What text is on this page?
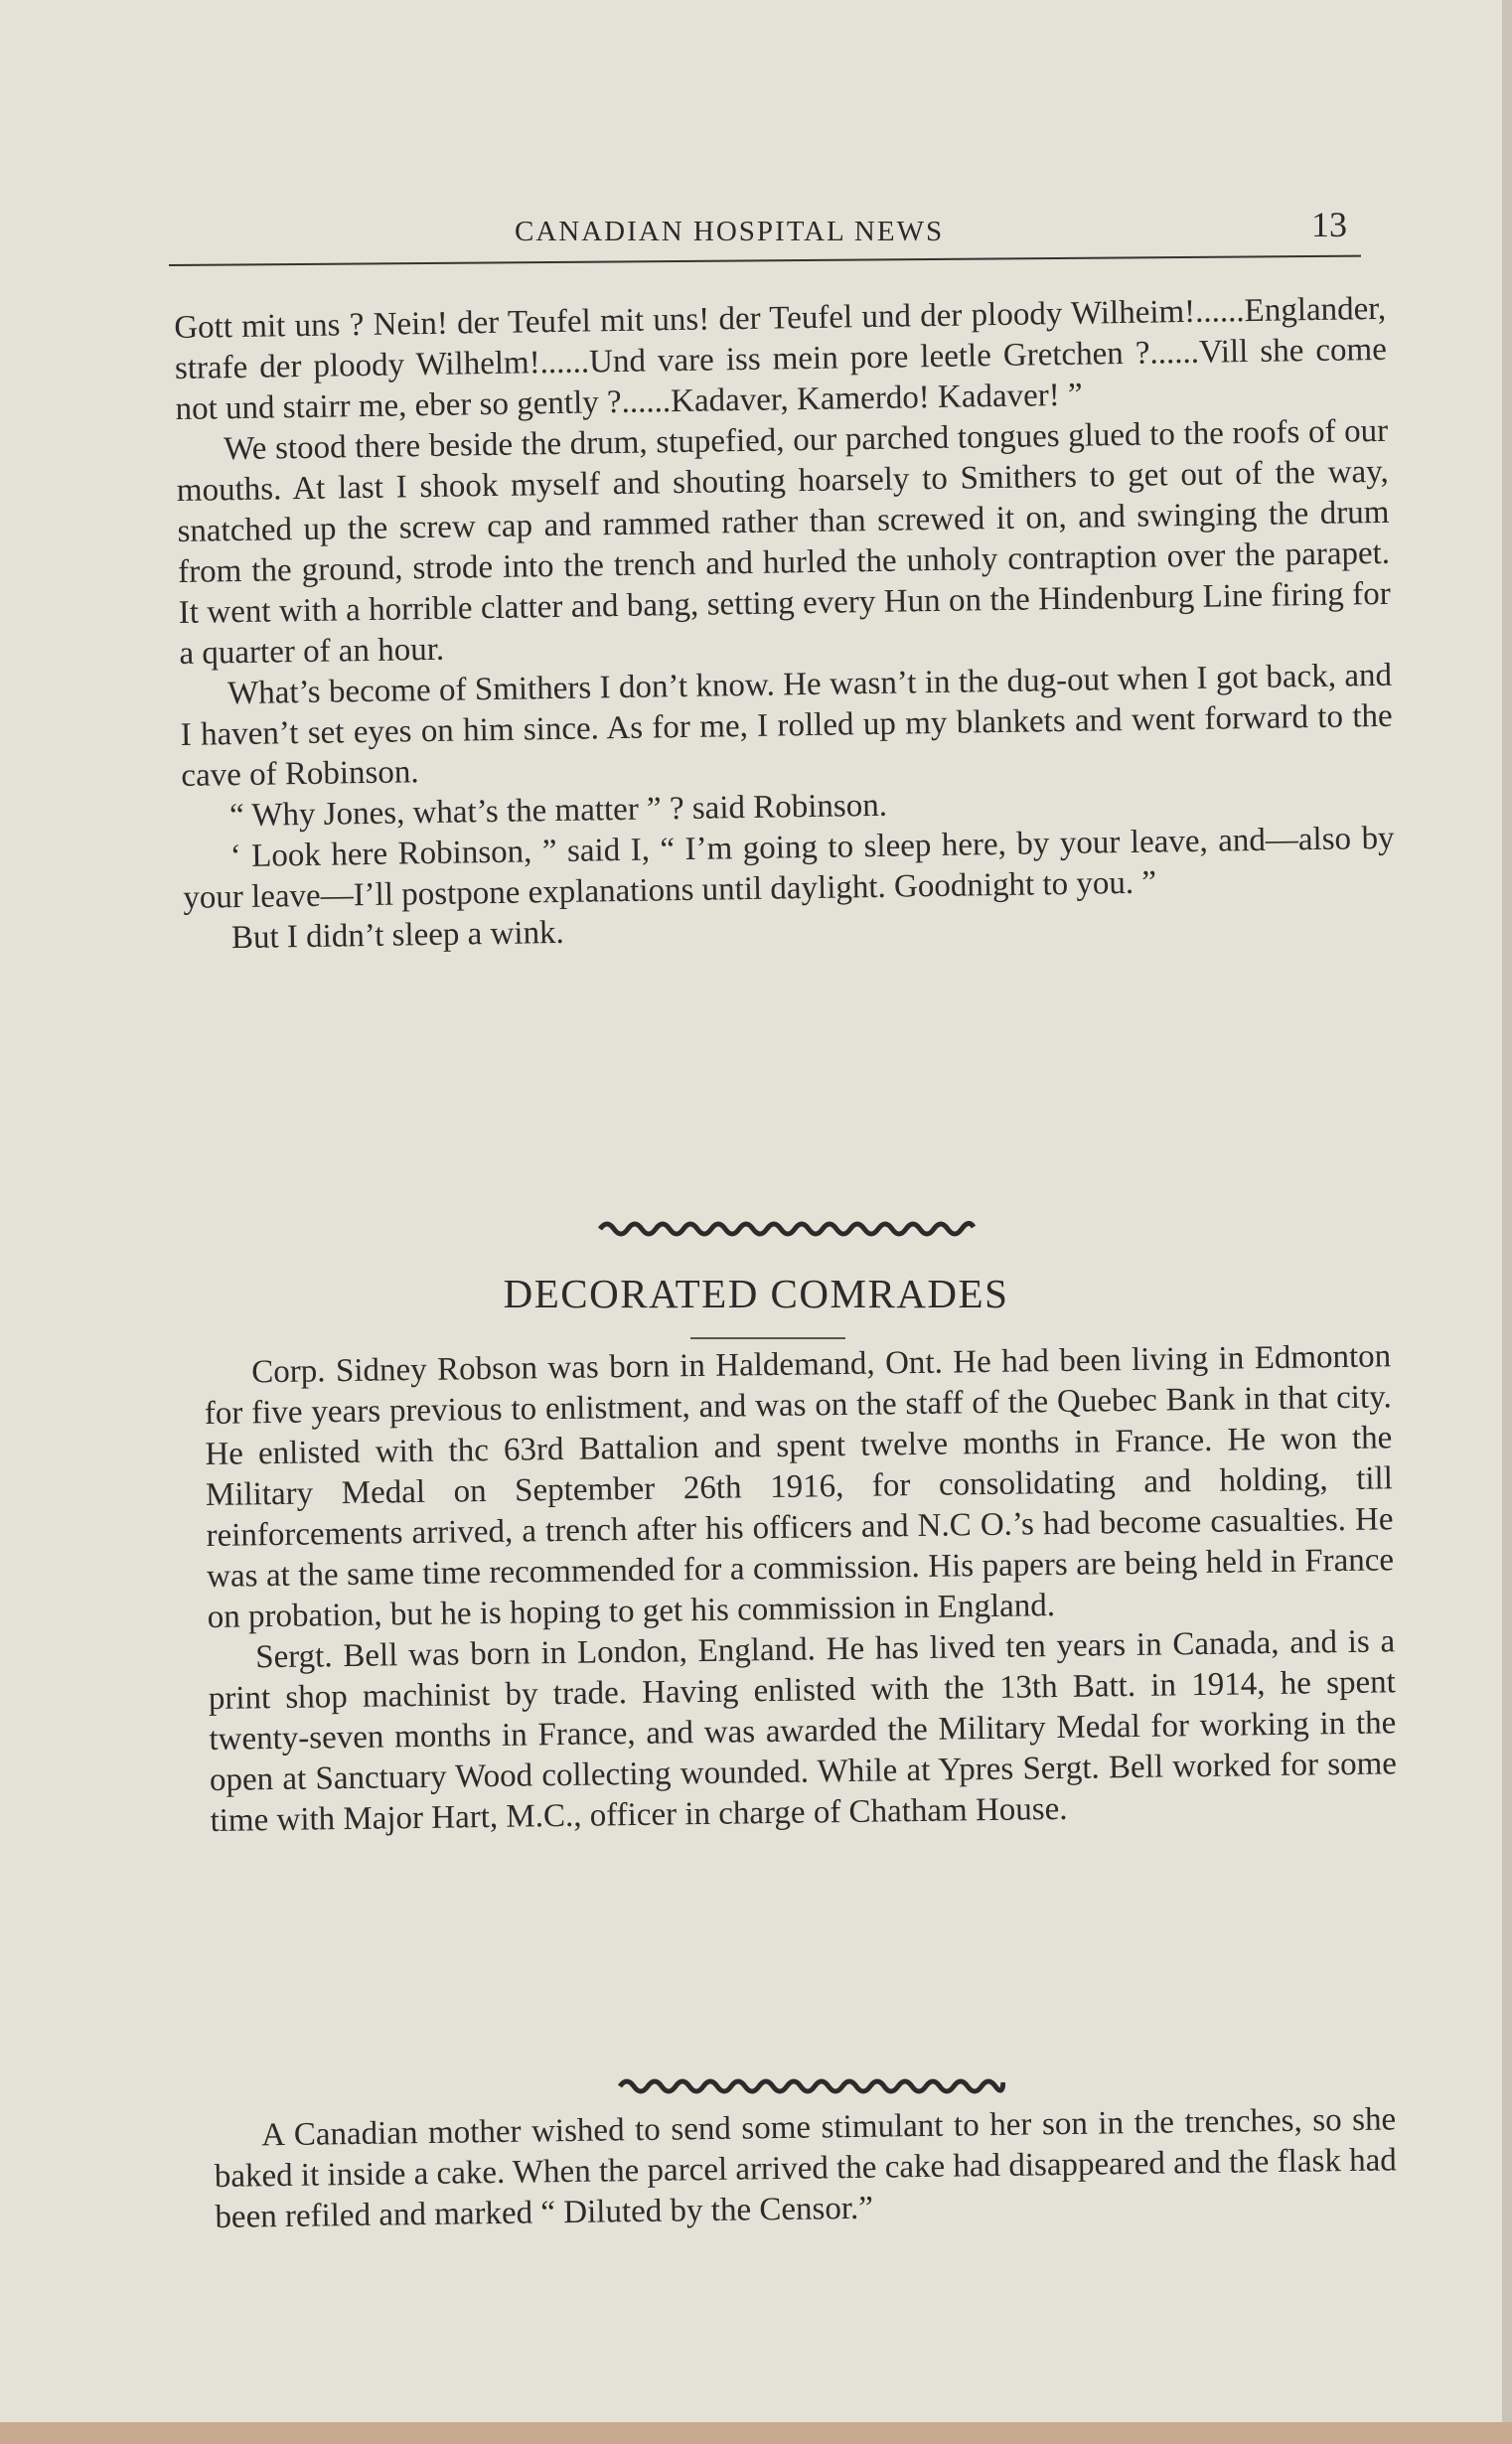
CANADIAN HOSPITAL NEWS	13

Gott mit uns ? Nein! der Teufel mit uns! der Teufel und der ploody Wilheim!......Englander, strafe der ploody Wilhelm!......Und vare iss mein pore leetle Gretchen ?......Vill she come not und stairr me, eber so gently ?......Kadaver, Kamerdo! Kadaver! ”

We stood there beside the drum, stupefied, our parched tongues glued to the roofs of our mouths. At last I shook myself and shouting hoarsely to Smithers to get out of the way, snatched up the screw cap and rammed rather than screwed it on, and swinging the drum from the ground, strode into the trench and hurled the unholy contraption over the parapet. It went with a horrible clatter and bang, setting every Hun on the Hindenburg Line firing for a quarter of an hour.

What’s become of Smithers I don’t know. He wasn’t in the dug-out when I got back, and I haven’t set eyes on him since. As for me, I rolled up my blankets and went forward to the cave of Robinson.

“ Why Jones, what’s the matter ” ? said Robinson.

‘ Look here Robinson, ” said I, “ I’m going to sleep here, by your leave, and—also by your leave—I’ll postpone explanations until daylight. Goodnight to you. ”

But I didn’t sleep a wink.

DECORATED COMRADES

Corp. Sidney Robson was born in Haldemand, Ont. He had been living in Edmonton for five years previous to enlistment, and was on the staff of the Quebec Bank in that city. He enlisted with thc 63rd Battalion and spent twelve months in France. He won the Military Medal on September 26th 1916, for consolidating and holding, till reinforcements arrived, a trench after his officers and N.C O.’s had become casualties. He was at the same time recommended for a commission. His papers are being held in France on probation, but he is hoping to get his commission in England.

Sergt. Bell was born in London, England. He has lived ten years in Canada, and is a print shop machinist by trade. Having enlisted with the 13th Batt. in 1914, he spent twenty-seven months in France, and was awarded the Military Medal for working in the open at Sanctuary Wood collecting wounded. While at Ypres Sergt. Bell worked for some time with Major Hart, M.C., officer in charge of Chatham House.

A Canadian mother wished to send some stimulant to her son in the trenches, so she baked it inside a cake. When the parcel arrived the cake had disappeared and the flask had been refiled and marked “ Diluted by the Censor.”
